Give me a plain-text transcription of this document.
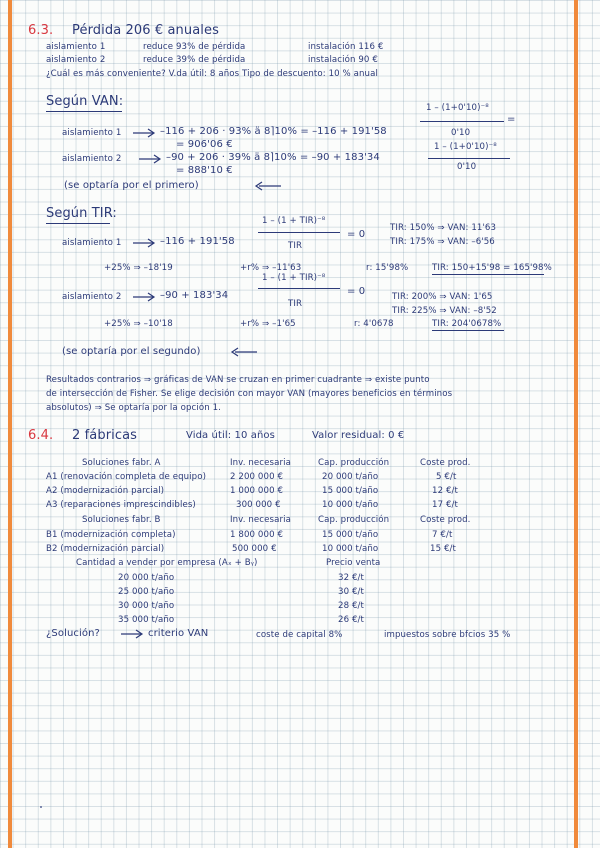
6.3. Pérdida 206 € anuales
aislamiento 1	reduce 93% de pérdida	instalación 116 €
aislamiento 2	reduce 39% de pérdida	instalación 90 €
¿Cuál es más conveniente? V.da útil: 8 años Tipo de descuento: 10 % anual
Según VAN:
aislamiento 1	–116 + 206 · 93% ä 8⌉10% = –116 + 191'58
1 – (1+0'10)⁻⁸
0'10
=
= 906'06 €
aislamiento 2	–90 + 206 · 39% ä 8⌉10% = –90 + 183'34
1 – (1+0'10)⁻⁸
0'10
= 888'10 €
(se optaría por el primero)
Según TIR:
aislamiento 1	–116 + 191'58
1 – (1 + TIR)⁻⁸
TIR
= 0
TIR: 150% ⇒ VAN: 11'63
TIR: 175% ⇒ VAN: –6'56
+25% ⇒ –18'19	+r% ⇒ –11'63	r: 15'98%	TIR: 150+15'98 = 165'98%
aislamiento 2	–90 + 183'34
1 – (1 + TIR)⁻⁸
TIR
= 0	TIR: 200% ⇒ VAN: 1'65
TIR: 225% ⇒ VAN: –8'52
+25% ⇒ –10'18	+r% ⇒ –1'65	r: 4'0678	TIR: 204'0678%
(se optaría por el segundo)
Resultados contrarios ⇒ gráficas de VAN se cruzan en primer cuadrante ⇒ existe punto
de intersección de Fisher. Se elige decisión con mayor VAN (mayores beneficios en términos
absolutos) ⇒ Se optaría por la opción 1.
6.4. 2 fábricas	Vida útil: 10 años	Valor residual: 0 €
Soluciones fabr. A	Inv. necesaria	Cap. producción	Coste prod.
A1 (renovación completa de equipo)	2 200 000 €	20 000 t/año	5 €/t
A2 (modernización parcial)	1 000 000 €	15 000 t/año	12 €/t
A3 (reparaciones imprescindibles)	300 000 €	10 000 t/año	17 €/t
Soluciones fabr. B	Inv. necesaria	Cap. producción	Coste prod.
B1 (modernización completa)	1 800 000 €	15 000 t/año	7 €/t
B2 (modernización parcial)	500 000 €	10 000 t/año	15 €/t
Cantidad a vender por empresa (Aₓ + Bᵧ)	Precio venta
20 000 t/año	32 €/t
25 000 t/año	30 €/t
30 000 t/año	28 €/t
35 000 t/año	26 €/t
¿Solución?	criterio VAN	coste de capital 8%	impuestos sobre bfcios 35 %
